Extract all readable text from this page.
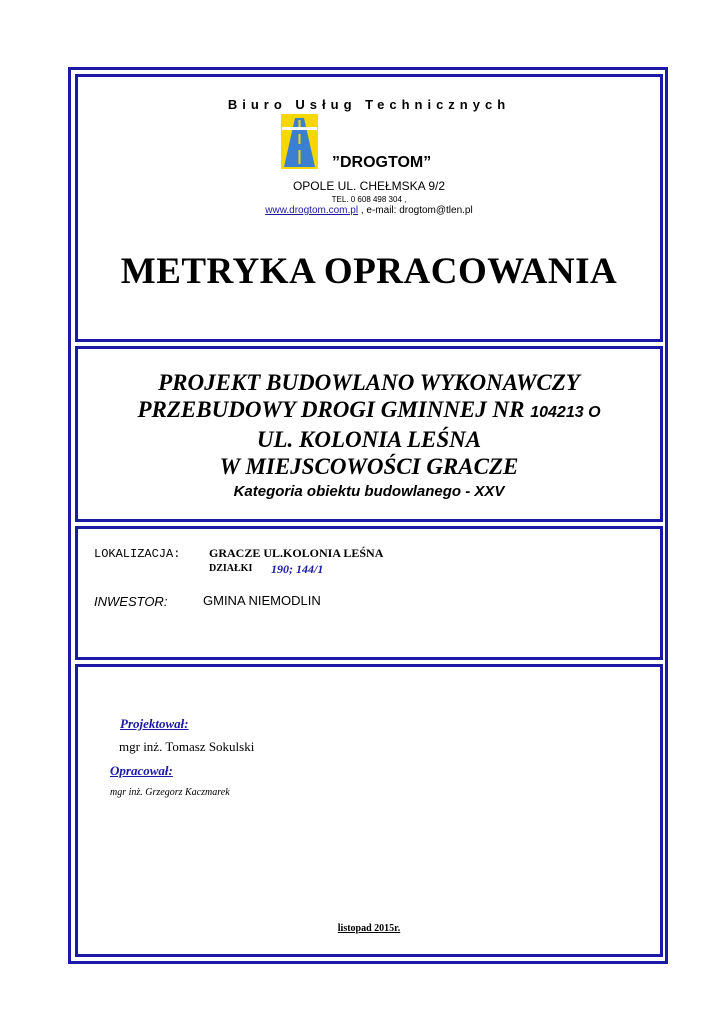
Biuro Usług Technicznych
”DROGTOM”
OPOLE UL. CHEŁMSKA 9/2
TEL. 0 608 498 304 ,
www.drogtom.com.pl , e-mail: drogtom@tlen.pl
METRYKA OPRACOWANIA
PROJEKT BUDOWLANO WYKONAWCZY
PRZEBUDOWY DROGI GMINNEJ NR 104213 O
UL. KOLONIA LEŚNA
W MIEJSCOWOŚCI GRACZE
Kategoria obiektu budowlanego - XXV
LOKALIZACJA: GRACZE UL.KOLONIA LEŚNA
DZIAŁKI 190; 144/1
INWESTOR:	GMINA NIEMODLIN
Projektował:
mgr inż. Tomasz Sokulski
Opracował:
mgr inż. Grzegorz Kaczmarek
listopad 2015r.
